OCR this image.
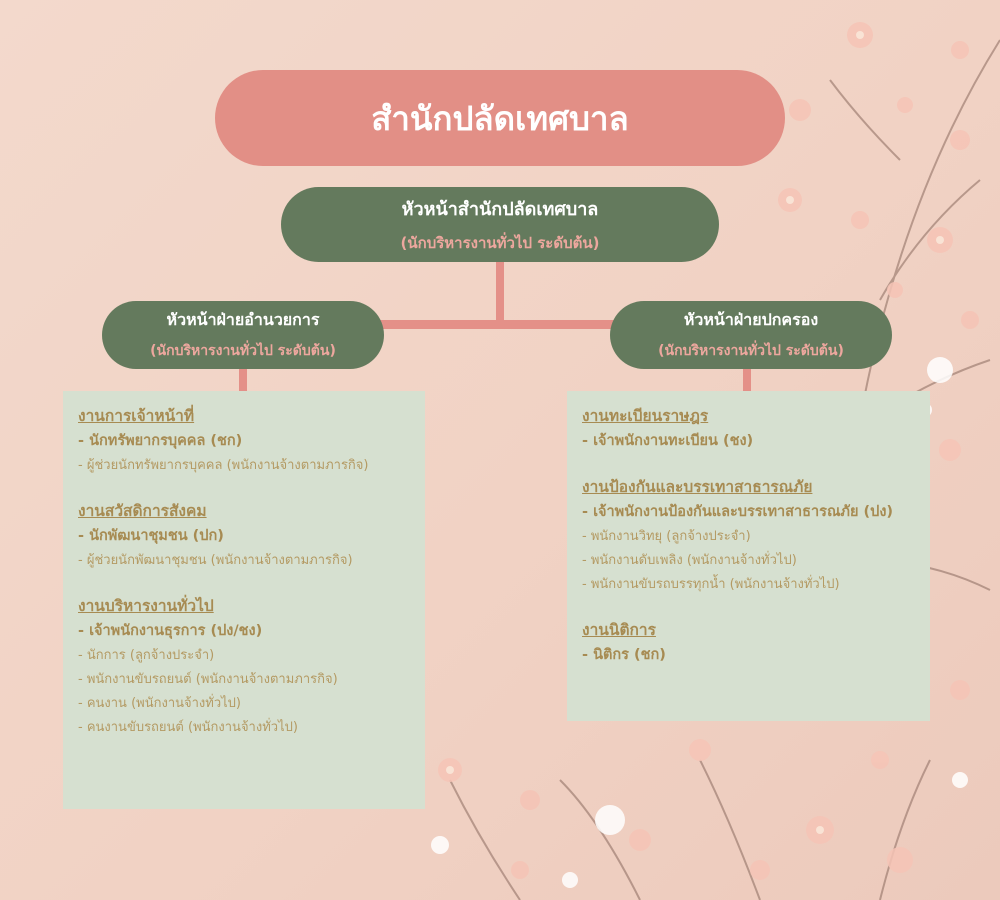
สำนักปลัดเทศบาล
หัวหน้าสำนักปลัดเทศบาล
(นักบริหารงานทั่วไป ระดับต้น)
หัวหน้าฝ่ายอำนวยการ
(นักบริหารงานทั่วไป ระดับต้น)
หัวหน้าฝ่ายปกครอง
(นักบริหารงานทั่วไป ระดับต้น)
งานการเจ้าหน้าที่
- นักทรัพยากรบุคคล (ชก)
- ผู้ช่วยนักทรัพยากรบุคคล (พนักงานจ้างตามภารกิจ)
งานสวัสดิการสังคม
- นักพัฒนาชุมชน (ปก)
- ผู้ช่วยนักพัฒนาชุมชน (พนักงานจ้างตามภารกิจ)
งานบริหารงานทั่วไป
- เจ้าพนักงานธุรการ (ปง/ชง)
- นักการ (ลูกจ้างประจำ)
- พนักงานขับรถยนต์ (พนักงานจ้างตามภารกิจ)
- คนงาน (พนักงานจ้างทั่วไป)
- คนงานขับรถยนต์ (พนักงานจ้างทั่วไป)
งานทะเบียนราษฎร
- เจ้าพนักงานทะเบียน (ชง)
งานป้องกันและบรรเทาสาธารณภัย
- เจ้าพนักงานป้องกันและบรรเทาสาธารณภัย (ปง)
- พนักงานวิทยุ (ลูกจ้างประจำ)
- พนักงานดับเพลิง (พนักงานจ้างทั่วไป)
- พนักงานขับรถบรรทุกน้ำ (พนักงานจ้างทั่วไป)
งานนิติการ
- นิติกร (ชก)
